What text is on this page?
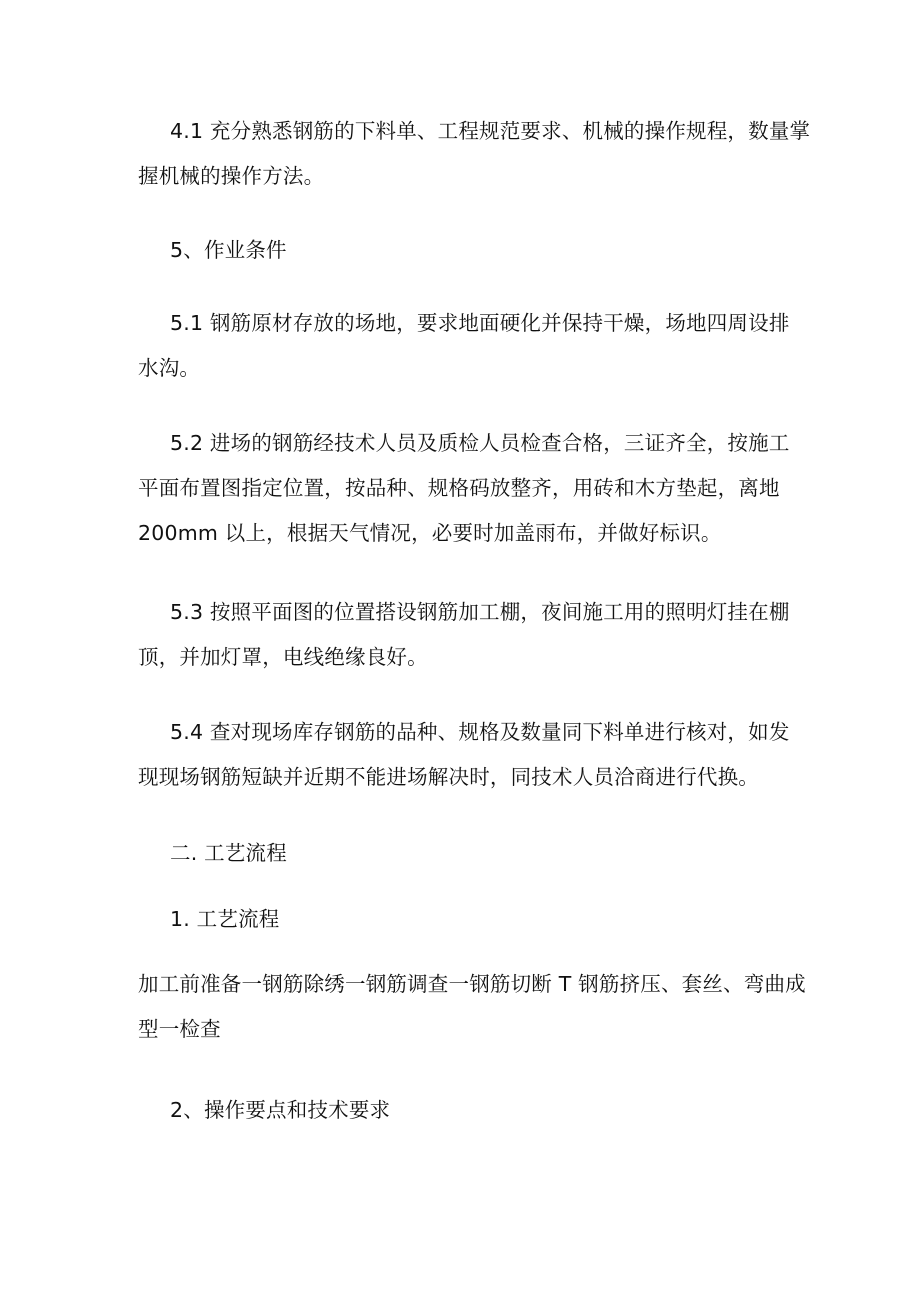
4.1 充分熟悉钢筋的下料单、工程规范要求、机械的操作规程，数量掌
握机械的操作方法。

5、作业条件

5.1 钢筋原材存放的场地，要求地面硬化并保持干燥，场地四周设排
水沟。

5.2 进场的钢筋经技术人员及质检人员检查合格，三证齐全，按施工
平面布置图指定位置，按品种、规格码放整齐，用砖和木方垫起，离地
200mm 以上，根据天气情况，必要时加盖雨布，并做好标识。

5.3 按照平面图的位置搭设钢筋加工棚，夜间施工用的照明灯挂在棚
顶，并加灯罩，电线绝缘良好。

5.4 查对现场库存钢筋的品种、规格及数量同下料单进行核对，如发
现现场钢筋短缺并近期不能进场解决时，同技术人员洽商进行代换。

二. 工艺流程

1. 工艺流程

加工前准备一钢筋除绣一钢筋调查一钢筋切断 T 钢筋挤压、套丝、弯曲成
型一检查

2、操作要点和技术要求
